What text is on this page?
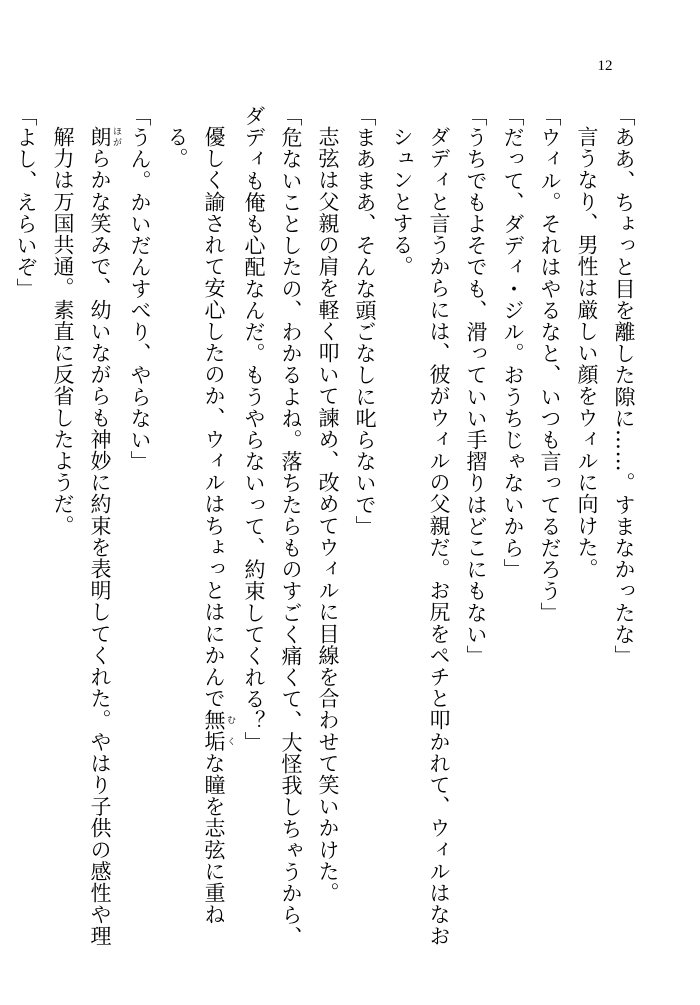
12

「ああ、ちょっと目を離した隙に……。すまなかったな」

言うなり、男性は厳しい顔をウィルに向けた。

「ウィル。それはやるなと、いつも言ってるだろう」

「だって、ダディ・ジル。おうちじゃないから」

「うちでもよそでも、滑っていい手摺りはどこにもない」

ダディと言うからには、彼がウィルの父親だ。お尻をペチと叩かれて、ウィルはなおシュンとする。

「まあまあ、そんな頭ごなしに叱らないで」

志弦は父親の肩を軽く叩いて諫め、改めてウィルに目線を合わせて笑いかけた。

「危ないことしたの、わかるよね。落ちたらものすごく痛くて、大怪我しちゃうから、ダディも俺も心配なんだ。もうやらないって、約束してくれる？」

優しく諭されて安心したのか、ウィルはちょっとはにかんで無垢 むくな瞳を志弦に重ねる。

「うん。かいだんすべり、やらない」

朗 ほがらかな笑みで、幼いながらも神妙に約束を表明してくれた。やはり子供の感性や理解力は万国共通。素直に反省したようだ。

「よし、えらいぞ」
